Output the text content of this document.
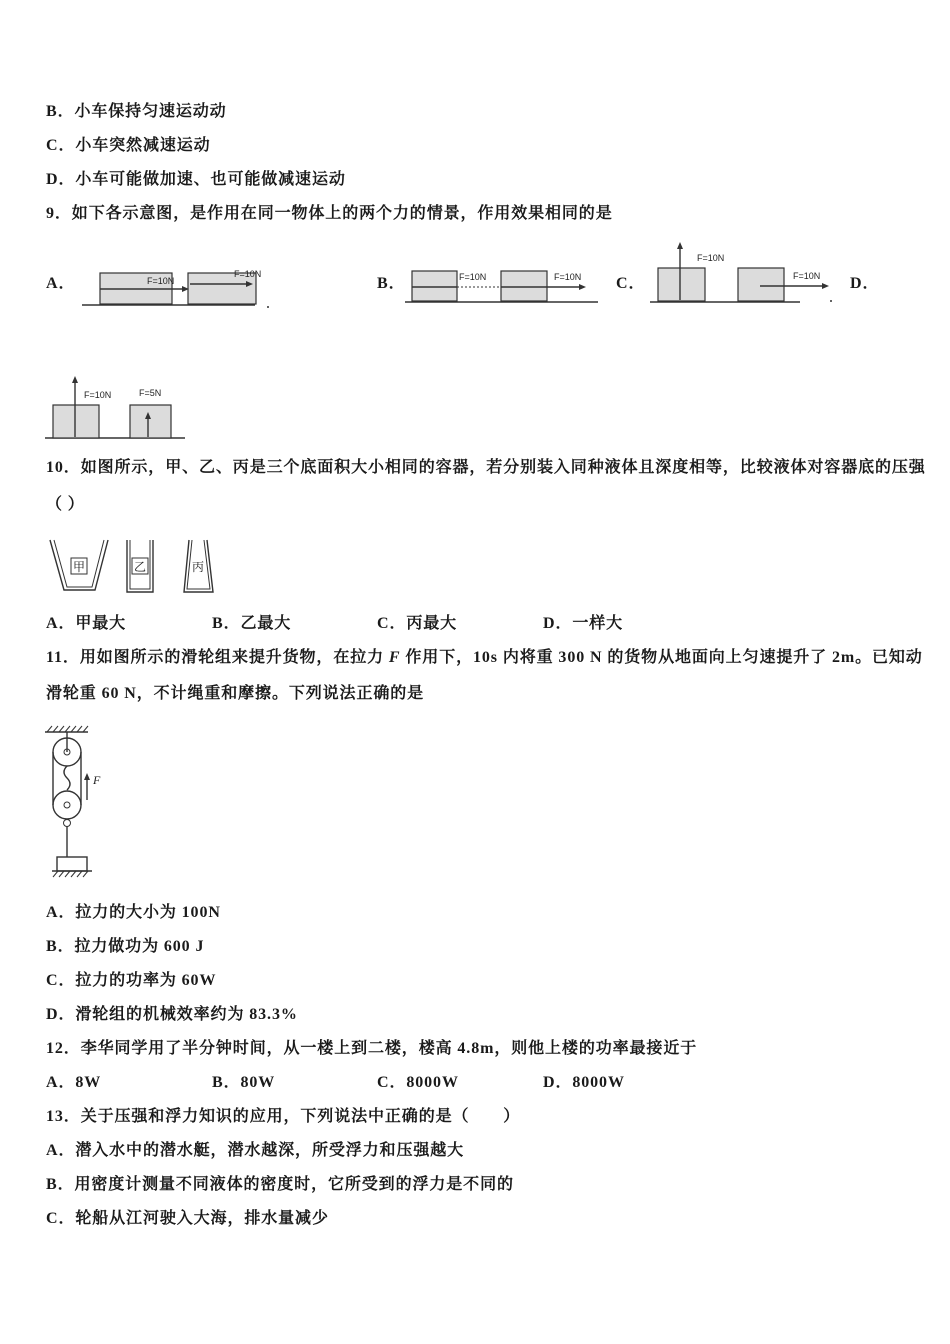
B．小车保持匀速运动动
C．小车突然减速运动
D．小车可能做加速、也可能做减速运动
9．如下各示意图，是作用在同一物体上的两个力的情景，作用效果相同的是
A．	B．	C．	D．
F=10N
F=10N	F=10N	F=10N
F=10N
F=10N
F=10N	F=5N
10．如图所示，甲、乙、丙是三个底面积大小相同的容器，若分别装入同种液体且深度相等，比较液体对容器底的压强
（ ）
甲	乙	丙
A．甲最大	B．乙最大	C．丙最大	D．一样大
11．用如图所示的滑轮组来提升货物，在拉力 F 作用下，10s 内将重 300 N 的货物从地面向上匀速提升了 2m。已知动
滑轮重 60 N，不计绳重和摩擦。下列说法正确的是
F
A．拉力的大小为 100N
B．拉力做功为 600 J
C．拉力的功率为 60W
D．滑轮组的机械效率约为 83.3%
12．李华同学用了半分钟时间，从一楼上到二楼，楼高 4.8m，则他上楼的功率最接近于
A．8W	B．80W	C．8000W	D．8000W
13．关于压强和浮力知识的应用，下列说法中正确的是（　　）
A．潜入水中的潜水艇，潜水越深，所受浮力和压强越大
B．用密度计测量不同液体的密度时，它所受到的浮力是不同的
C．轮船从江河驶入大海，排水量减少
